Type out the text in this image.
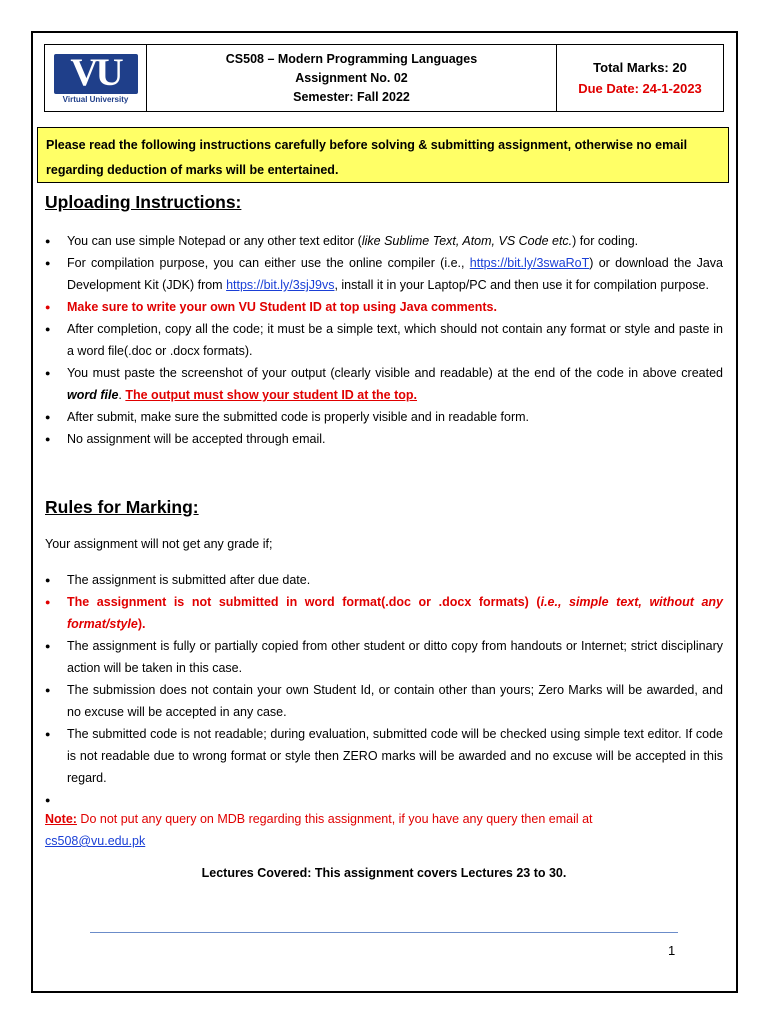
VU
Virtual University
CS508 – Modern Programming Languages
Assignment No. 02
Semester: Fall 2022
Total Marks: 20
Due Date: 24-1-2023
Please read the following instructions carefully before solving & submitting assignment, otherwise no email regarding deduction of marks will be entertained.
Uploading Instructions:
● You can use simple Notepad or any other text editor (like Sublime Text, Atom, VS Code etc.) for coding.
● For compilation purpose, you can either use the online compiler (i.e., https://bit.ly/3swaRoT) or download the Java Development Kit (JDK) from https://bit.ly/3sjJ9vs, install it in your Laptop/PC and then use it for compilation purpose.
● Make sure to write your own VU Student ID at top using Java comments.
● After completion, copy all the code; it must be a simple text, which should not contain any format or style and paste in a word file(.doc or .docx formats).
● You must paste the screenshot of your output (clearly visible and readable) at the end of the code in above created word file. The output must show your student ID at the top.
● After submit, make sure the submitted code is properly visible and in readable form.
● No assignment will be accepted through email.
Rules for Marking:
Your assignment will not get any grade if;
● The assignment is submitted after due date.
● The assignment is not submitted in word format(.doc or .docx formats) (i.e., simple text, without any format/style).
● The assignment is fully or partially copied from other student or ditto copy from handouts or Internet; strict disciplinary action will be taken in this case.
● The submission does not contain your own Student Id, or contain other than yours; Zero Marks will be awarded, and no excuse will be accepted in any case.
● The submitted code is not readable; during evaluation, submitted code will be checked using simple text editor. If code is not readable due to wrong format or style then ZERO marks will be awarded and no excuse will be accepted in this regard.
Note: Do not put any query on MDB regarding this assignment, if you have any query then email at
cs508@vu.edu.pk
Lectures Covered: This assignment covers Lectures 23 to 30.
1
